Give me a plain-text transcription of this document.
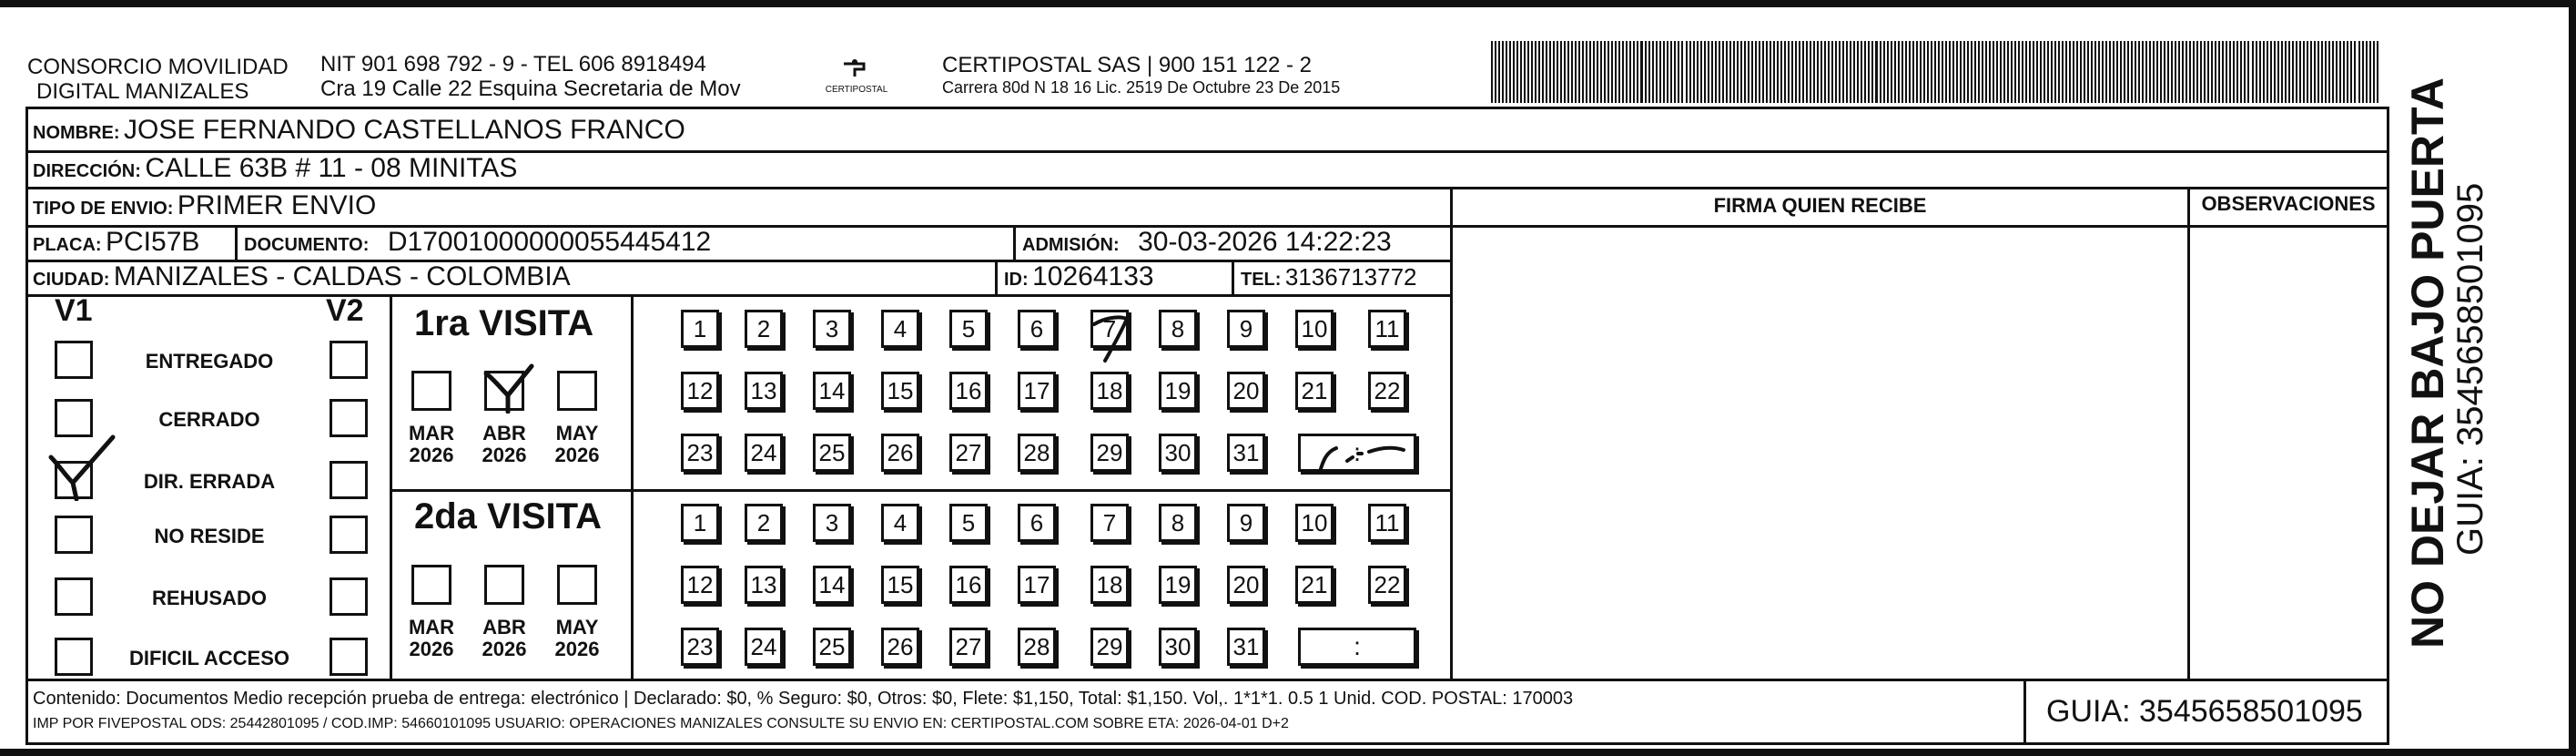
CONSORCIO MOVILIDAD
DIGITAL MANIZALES
NIT 901 698 792 - 9 - TEL 606 8918494
Cra 19 Calle 22 Esquina Secretaria de Mov	CERTIPOSTAL
CERTIPOSTAL SAS | 900 151 122 - 2
Carrera 80d N 18 16 Lic. 2519 De Octubre 23 De 2015
NOMBRE: JOSE FERNANDO CASTELLANOS FRANCO
DIRECCIÓN: CALLE 63B # 11 - 08 MINITAS
TIPO DE ENVIO: PRIMER ENVIO
PLACA: PCI57B DOCUMENTO: D17001000000055445412	ADMISIÓN: 30-03-2026 14:22:23
CIUDAD: MANIZALES - CALDAS - COLOMBIA	ID: 10264133	TEL: 3136713772
FIRMA QUIEN RECIBE	OBSERVACIONES
V1	V2
ENTREGADO
CERRADO
DIR. ERRADA
NO RESIDE
REHUSADO
DIFICIL ACCESO
1ra VISITA
2da VISITA
MAR
2026
ABR
2026
MAY
2026
1	2	3	4	5	6	7	8	9	10 11
12 13 14 15 16 17 18 19 20 21 22
23 24 25 26 27 28 29 30 31	:
MAR
2026
ABR
2026
MAY
2026
1	2	3	4	5	6	7	8	9	10 11
12 13 14 15 16 17 18 19 20 21 22
23 24 25 26 27 28 29 30 31	:
Contenido: Documentos Medio recepción prueba de entrega: electrónico | Declarado: $0, % Seguro: $0, Otros: $0, Flete: $1,150, Total: $1,150. Vol,. 1*1*1. 0.5 1 Unid. COD. POSTAL: 170003
IMP POR FIVEPOSTAL ODS: 25442801095 / COD.IMP: 54660101095 USUARIO: OPERACIONES MANIZALES CONSULTE SU ENVIO EN: CERTIPOSTAL.COM SOBRE ETA: 2026-04-01 D+2	GUIA: 3545658501095
NO DEJAR BAJO PUERTA
GUIA: 3545658501095
